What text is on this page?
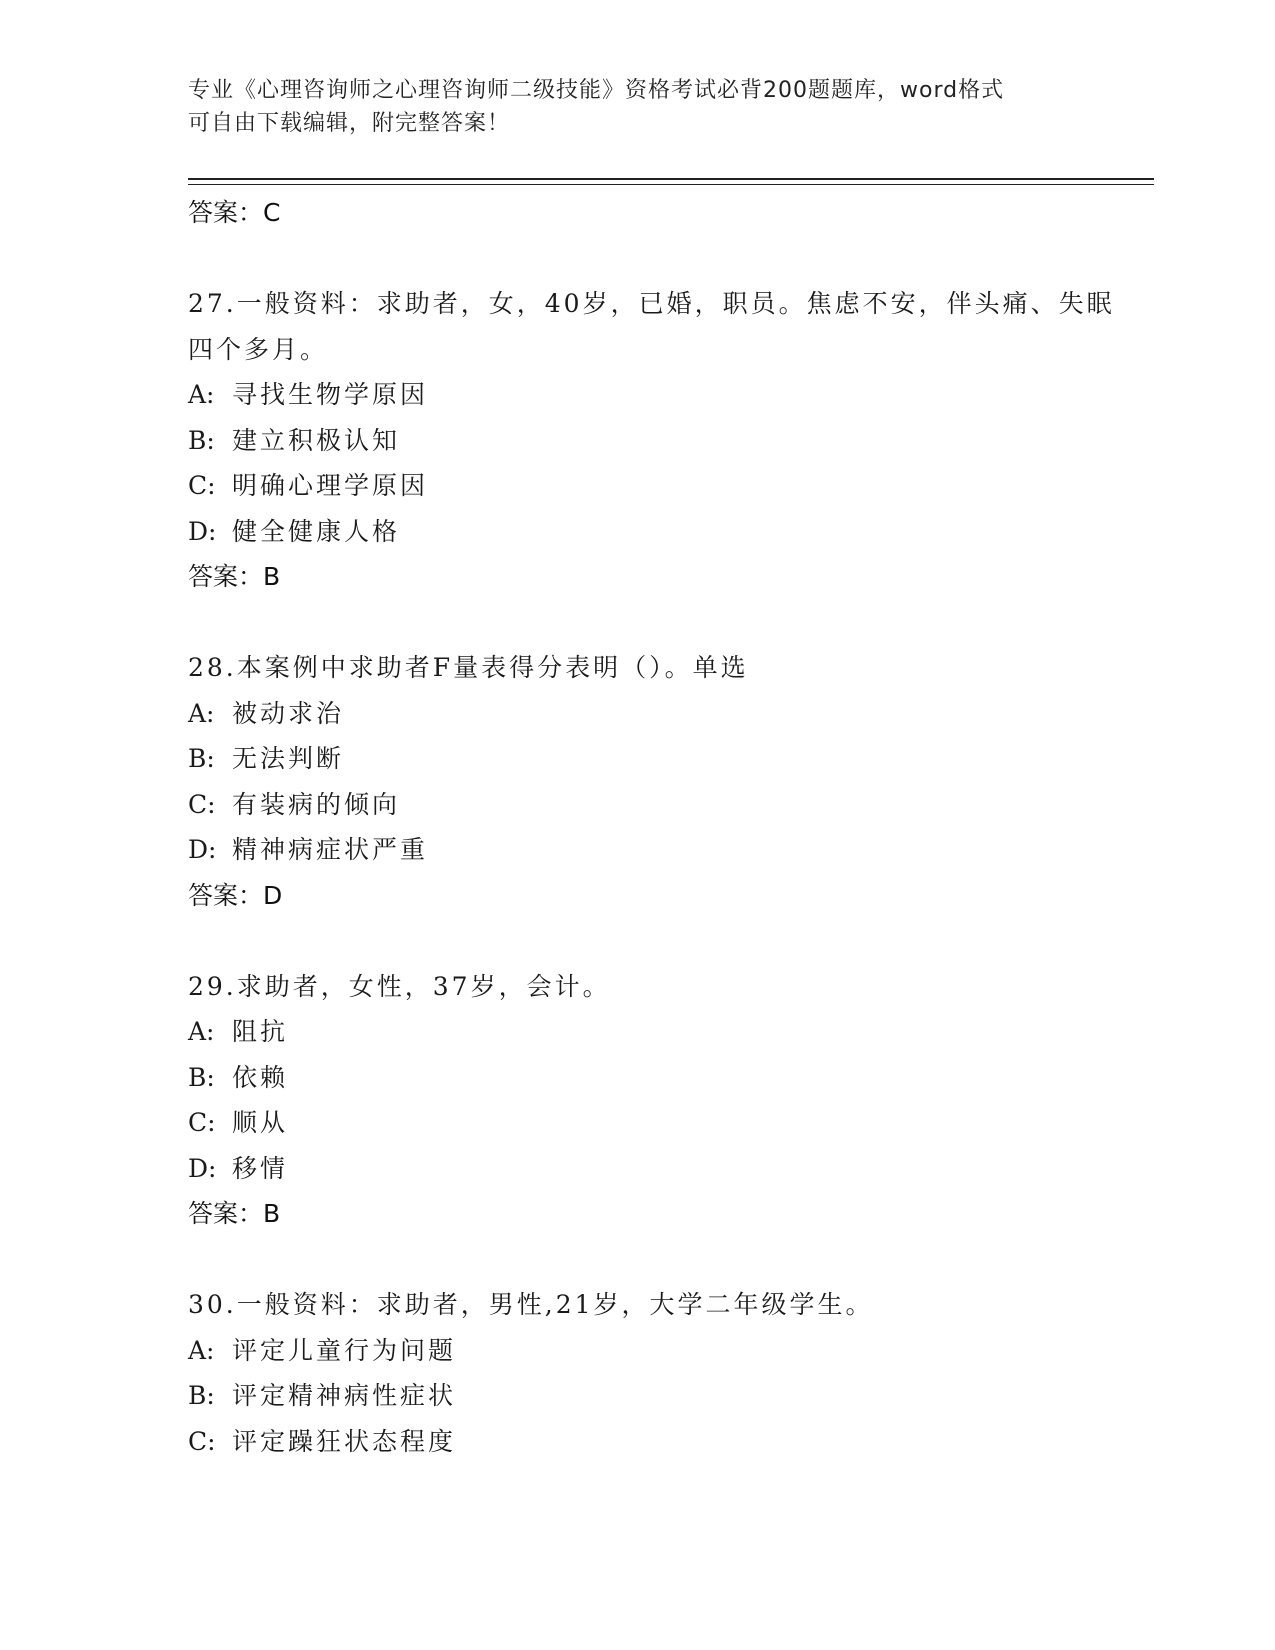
专业《心理咨询师之心理咨询师二级技能》资格考试必背200题题库，word格式
可自由下载编辑，附完整答案！
答案：C
27.一般资料：求助者，女，40岁，已婚，职员。焦虑不安，伴头痛、失眠四个多月。
A: 寻找生物学原因
B: 建立积极认知
C: 明确心理学原因
D: 健全健康人格
答案：B
28.本案例中求助者F量表得分表明（）。单选
A: 被动求治
B: 无法判断
C: 有装病的倾向
D: 精神病症状严重
答案：D
29.求助者，女性，37岁，会计。
A: 阻抗
B: 依赖
C: 顺从
D: 移情
答案：B
30.一般资料：求助者，男性,21岁，大学二年级学生。
A: 评定儿童行为问题
B: 评定精神病性症状
C: 评定躁狂状态程度
